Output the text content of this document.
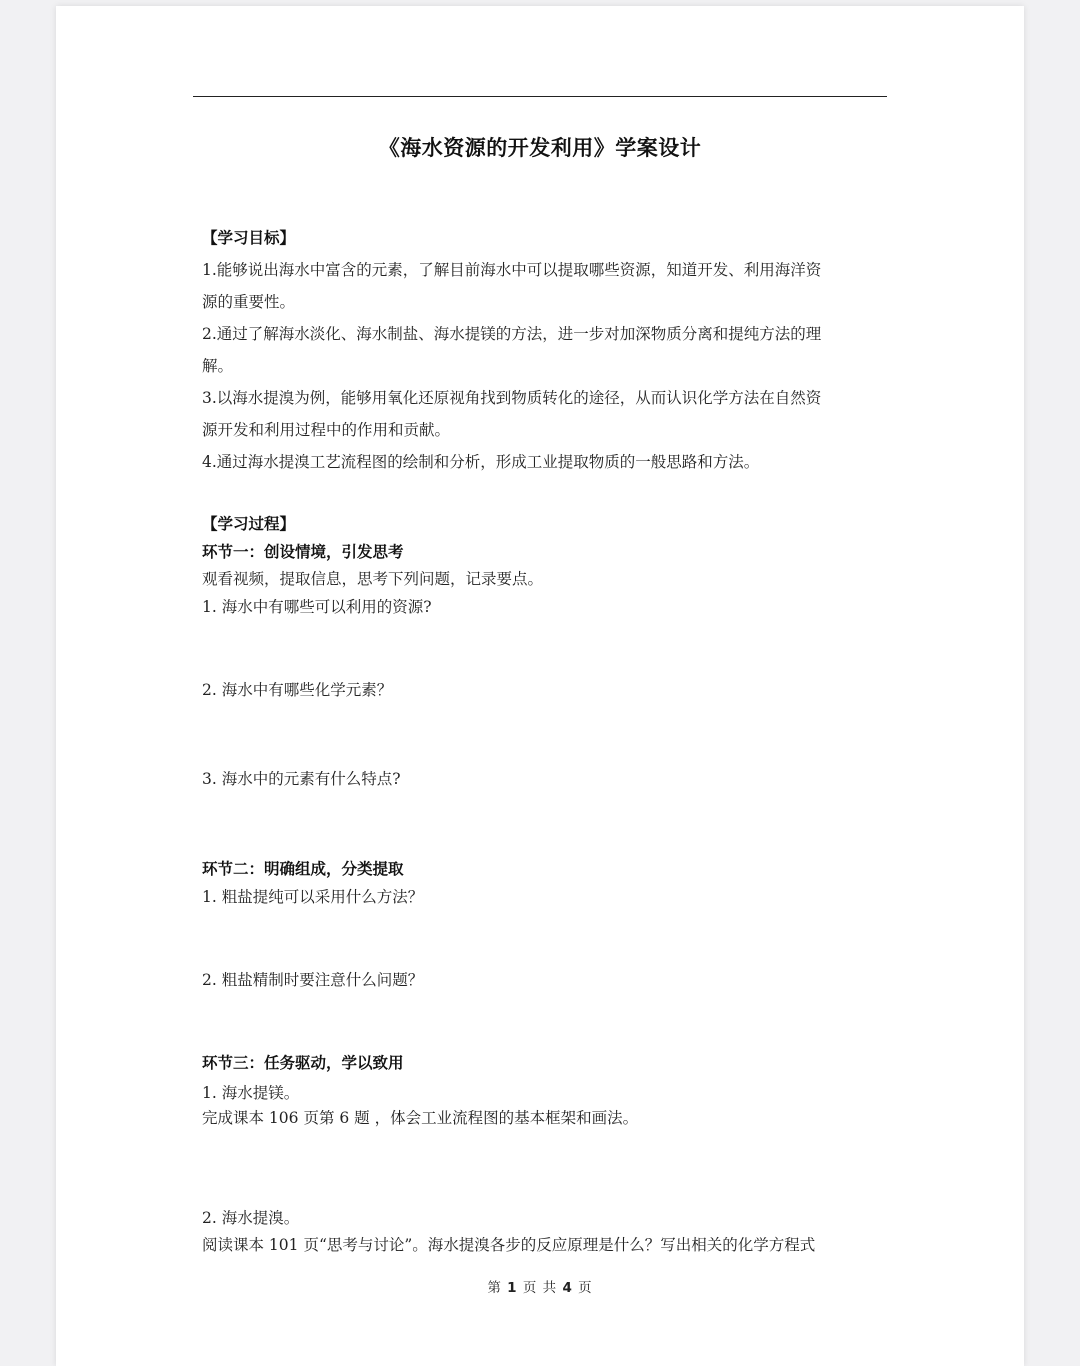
《海水资源的开发利用》学案设计
【学习目标】
1.能够说出海水中富含的元素，了解目前海水中可以提取哪些资源，知道开发、利用海洋资
源的重要性。
2.通过了解海水淡化、海水制盐、海水提镁的方法，进一步对加深物质分离和提纯方法的理
解。
3.以海水提溴为例，能够用氧化还原视角找到物质转化的途径，从而认识化学方法在自然资
源开发和利用过程中的作用和贡献。
4.通过海水提溴工艺流程图的绘制和分析，形成工业提取物质的一般思路和方法。
【学习过程】
环节一：创设情境，引发思考
观看视频，提取信息，思考下列问题，记录要点。
1. 海水中有哪些可以利用的资源?
2. 海水中有哪些化学元素？
3. 海水中的元素有什么特点?
环节二：明确组成，分类提取
1. 粗盐提纯可以采用什么方法？
2. 粗盐精制时要注意什么问题？
环节三：任务驱动，学以致用
1. 海水提镁。
完成课本 106 页第 6 题 ，体会工业流程图的基本框架和画法。
2. 海水提溴。
阅读课本 101 页“思考与讨论”。海水提溴各步的反应原理是什么？写出相关的化学方程式
第 1 页 共 4 页
